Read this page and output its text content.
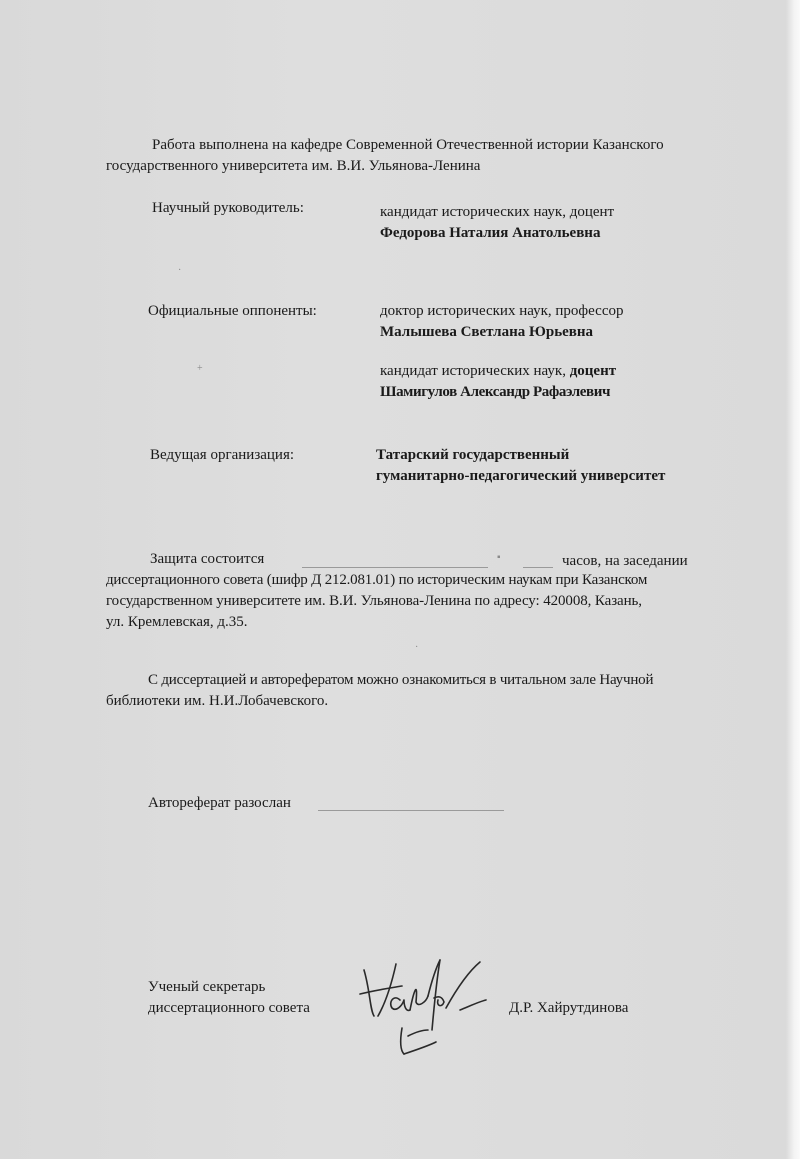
Работа выполнена на кафедре Современной Отечественной истории Казанского
государственного университета им. В.И. Ульянова-Ленина
Научный руководитель:	кандидат исторических наук, доцент
Федорова Наталия Анатольевна
·
Официальные оппоненты:	доктор исторических наук, профессор
Малышева Светлана Юрьевна
+	кандидат исторических наук, доцент
Шамигулов Александр Рафаэлевич
Ведущая организация:	Татарский государственный
гуманитарно-педагогический университет
Защита состоится	▪	часов, на заседании
диссертационного совета (шифр Д 212.081.01) по историческим наукам при Казанском
государственном университете им. В.И. Ульянова-Ленина по адресу: 420008, Казань,
ул. Кремлевская, д.35.
·
С диссертацией и авторефератом можно ознакомиться в читальном зале Научной
библиотеки им. Н.И.Лобачевского.
Автореферат разослан
Ученый секретарь
диссертационного совета	Д.Р. Хайрутдинова
